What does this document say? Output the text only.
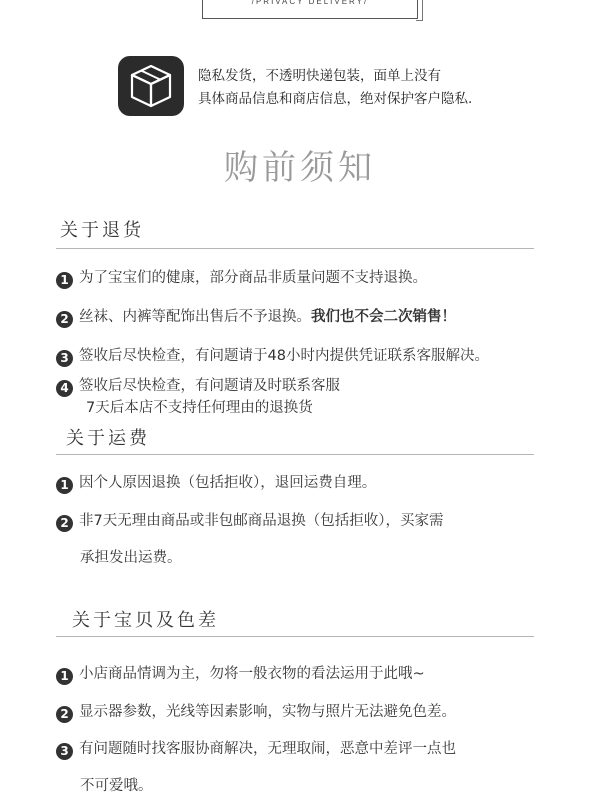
/PRIVACY DELIVERY/
隐私发货，不透明快递包装，面单上没有
具体商品信息和商店信息，绝对保护客户隐私.
购前须知
关于退货
1 为了宝宝们的健康，部分商品非质量问题不支持退换。
2 丝袜、内裤等配饰出售后不予退换。我们也不会二次销售！
3 签收后尽快检查，有问题请于48小时内提供凭证联系客服解决。
4 签收后尽快检查，有问题请及时联系客服
7天后本店不支持任何理由的退换货
关于运费
1 因个人原因退换（包括拒收），退回运费自理。
2 非7天无理由商品或非包邮商品退换（包括拒收），买家需
承担发出运费。
关于宝贝及色差
1 小店商品情调为主，勿将一般衣物的看法运用于此哦~
2 显示器参数，光线等因素影响，实物与照片无法避免色差。
3 有问题随时找客服协商解决，无理取闹，恶意中差评一点也
不可爱哦。
